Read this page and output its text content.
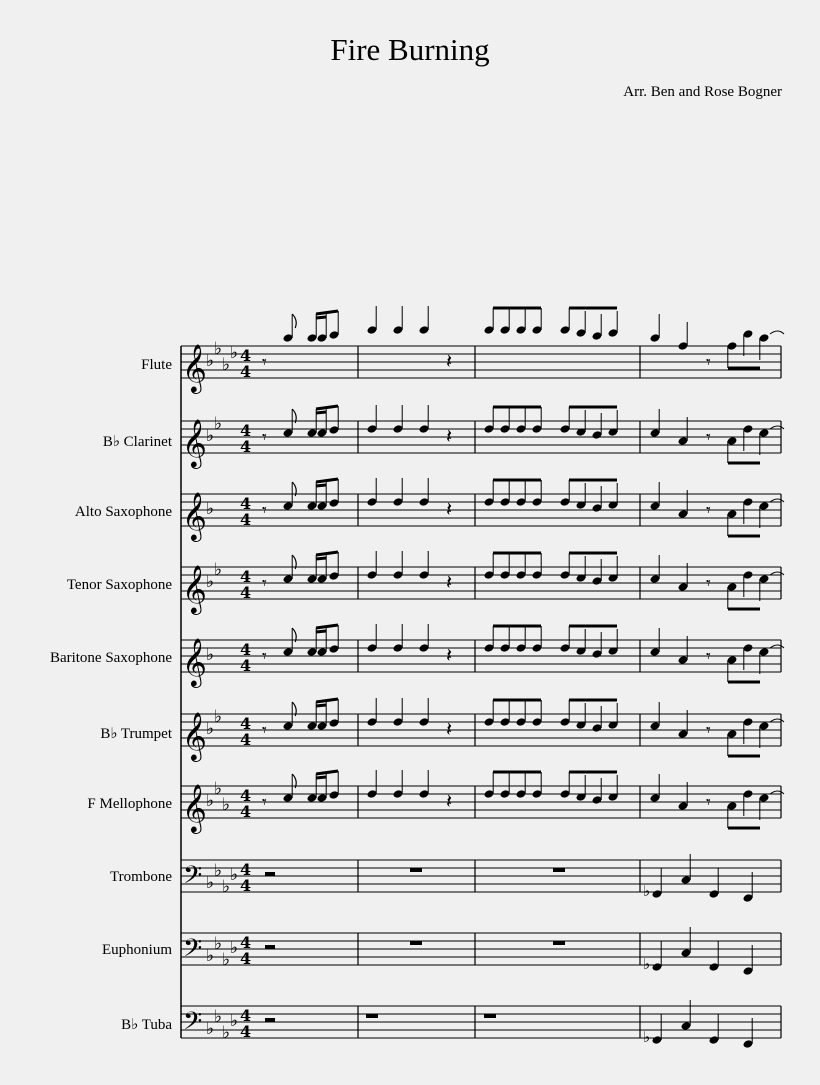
Fire Burning
Arr. Ben and Rose Bogner
Flute
B♭ Clarinet
Alto Saxophone
Tenor Saxophone
Baritone Saxophone
B♭ Trumpet
F Mellophone
Trombone
Euphonium
B♭ Tuba
𝄞 ♭
♭
♭
♭ 4
4 𝄾	𝄽	𝄾
𝄞 ♭
♭ 4
4 𝄾	𝄽	𝄾
𝄞 ♭ 4
4 𝄾	𝄽	𝄾
𝄞 ♭
♭ 4
4 𝄾	𝄽	𝄾
𝄞 ♭ 4
4 𝄾	𝄽	𝄾
𝄞 ♭
♭ 4
4 𝄾	𝄽	𝄾
𝄞 ♭
♭
♭ 4
4 𝄾	𝄽	𝄾
𝄢 ♭
♭
♭
♭ 4
4	♭
𝄢 ♭
♭
♭
♭ 4
4	♭
𝄢 ♭
♭
♭
♭ 4
4	♭
